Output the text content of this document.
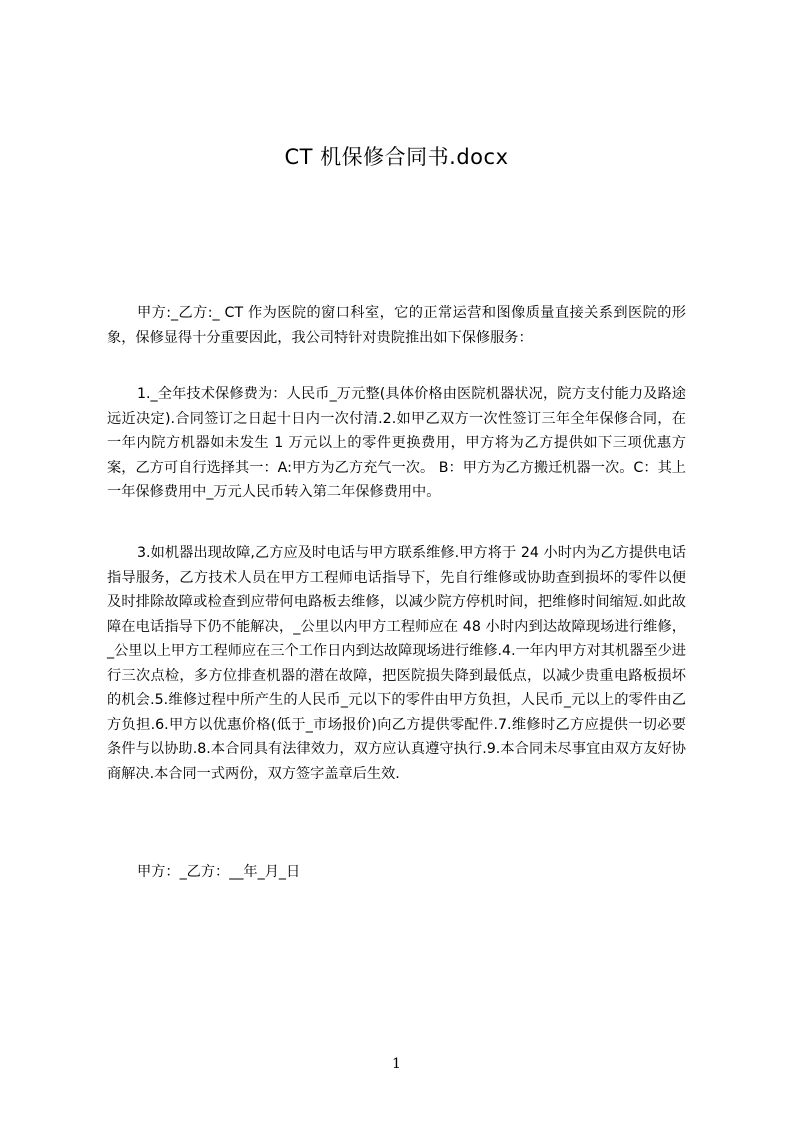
CT 机保修合同书.docx

甲方:_乙方:_ CT 作为医院的窗口科室，它的正常运营和图像质量直接关系到医院的形象，保修显得十分重要因此，我公司特针对贵院推出如下保修服务：

1._全年技术保修费为：人民币_万元整(具体价格由医院机器状况，院方支付能力及路途远近决定).合同签订之日起十日内一次付清.2.如甲乙双方一次性签订三年全年保修合同，在一年内院方机器如未发生 1 万元以上的零件更换费用，甲方将为乙方提供如下三项优惠方案，乙方可自行选择其一：A:甲方为乙方充气一次。 B：甲方为乙方搬迁机器一次。C：其上一年保修费用中_万元人民币转入第二年保修费用中。

3.如机器出现故障,乙方应及时电话与甲方联系维修.甲方将于 24 小时内为乙方提供电话指导服务，乙方技术人员在甲方工程师电话指导下，先自行维修或协助查到损坏的零件以便及时排除故障或检查到应带何电路板去维修，以减少院方停机时间，把维修时间缩短.如此故障在电话指导下仍不能解决，_公里以内甲方工程师应在 48 小时内到达故障现场进行维修，_公里以上甲方工程师应在三个工作日内到达故障现场进行维修.4.一年内甲方对其机器至少进行三次点检，多方位排查机器的潜在故障，把医院损失降到最低点，以减少贵重电路板损坏的机会.5.维修过程中所产生的人民币_元以下的零件由甲方负担，人民币_元以上的零件由乙方负担.6.甲方以优惠价格(低于_市场报价)向乙方提供零配件.7.维修时乙方应提供一切必要条件与以协助.8.本合同具有法律效力，双方应认真遵守执行.9.本合同未尽事宜由双方友好协商解决.本合同一式两份，双方签字盖章后生效.

甲方：_乙方：__年_月_日

1
